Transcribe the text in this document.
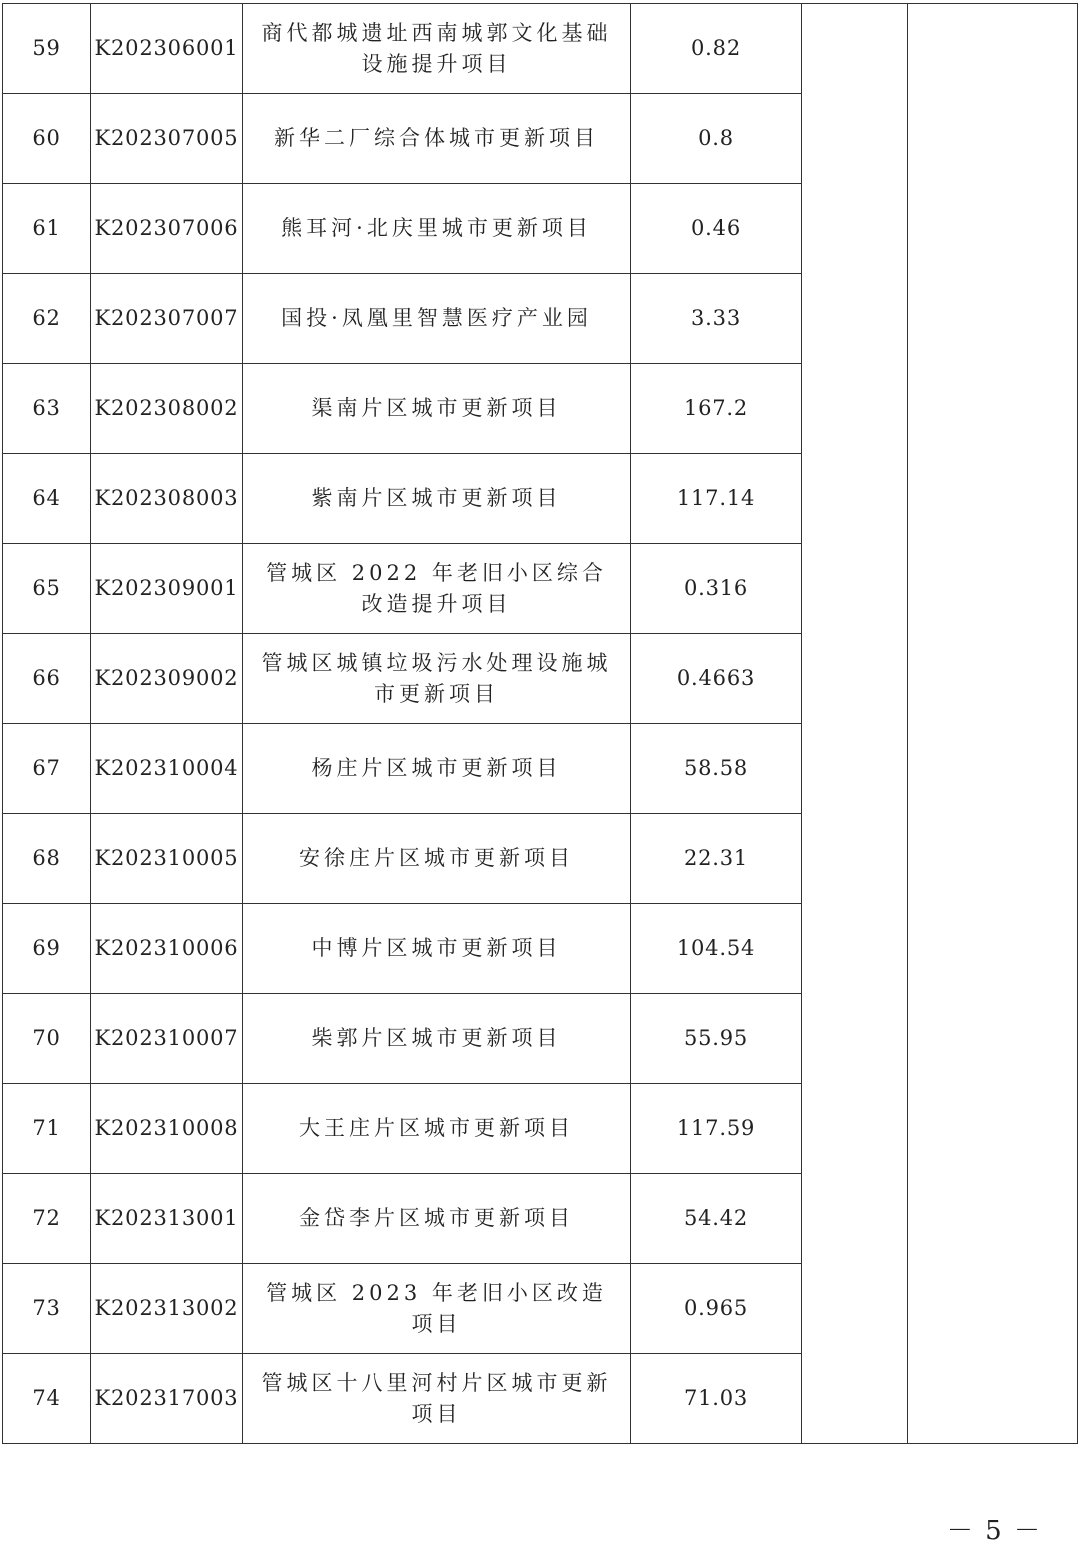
59	K202306001	商代都城遗址西南城郭文化基础设施提升项目	0.82		
60	K202307005	新华二厂综合体城市更新项目	0.8		
61	K202307006	熊耳河·北庆里城市更新项目	0.46		
62	K202307007	国投·凤凰里智慧医疗产业园	3.33		
63	K202308002	渠南片区城市更新项目	167.2		
64	K202308003	紫南片区城市更新项目	117.14		
65	K202309001	管城区 2022 年老旧小区综合改造提升项目	0.316		
66	K202309002	管城区城镇垃圾污水处理设施城市更新项目	0.4663		
67	K202310004	杨庄片区城市更新项目	58.58		
68	K202310005	安徐庄片区城市更新项目	22.31		
69	K202310006	中博片区城市更新项目	104.54		
70	K202310007	柴郭片区城市更新项目	55.95		
71	K202310008	大王庄片区城市更新项目	117.59		
72	K202313001	金岱李片区城市更新项目	54.42		
73	K202313002	管城区 2023 年老旧小区改造项目	0.965		
74	K202317003	管城区十八里河村片区城市更新项目	71.03		
－ 5 －
